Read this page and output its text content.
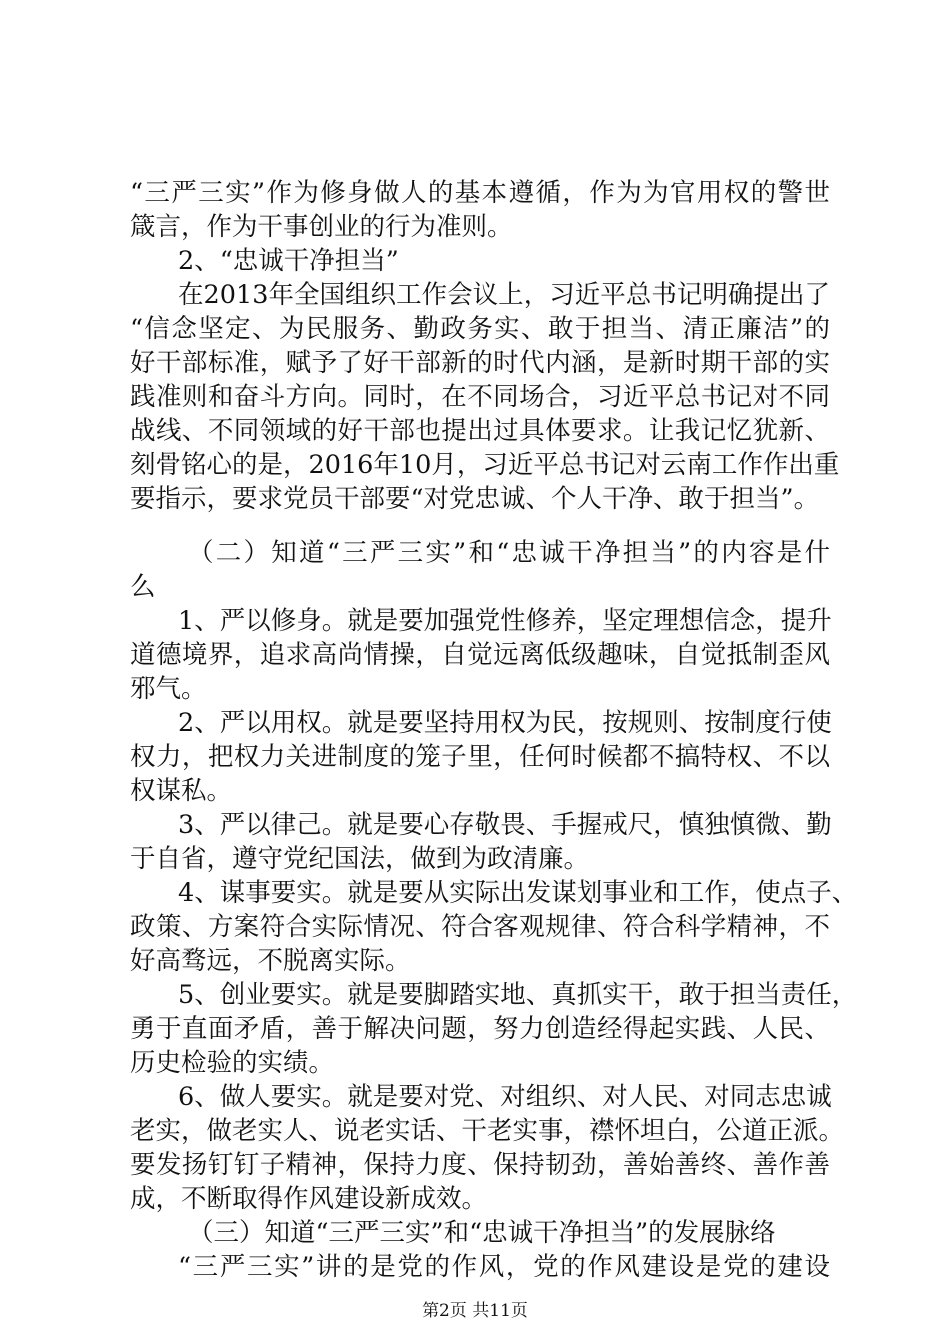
“三严三实”作为修身做人的基本遵循，作为为官用权的警世
箴言，作为干事创业的行为准则。
2、“忠诚干净担当”
在2013年全国组织工作会议上，习近平总书记明确提出了
“信念坚定、为民服务、勤政务实、敢于担当、清正廉洁”的
好干部标准，赋予了好干部新的时代内涵，是新时期干部的实
践准则和奋斗方向。同时，在不同场合，习近平总书记对不同
战线、不同领域的好干部也提出过具体要求。让我记忆犹新、
刻骨铭心的是，2016年10月，习近平总书记对云南工作作出重
要指示，要求党员干部要“对党忠诚、个人干净、敢于担当”。
（二）知道“三严三实”和“忠诚干净担当”的内容是什
么
1、严以修身。就是要加强党性修养，坚定理想信念，提升
道德境界，追求高尚情操，自觉远离低级趣味，自觉抵制歪风
邪气。
2、严以用权。就是要坚持用权为民，按规则、按制度行使
权力，把权力关进制度的笼子里，任何时候都不搞特权、不以
权谋私。
3、严以律己。就是要心存敬畏、手握戒尺，慎独慎微、勤
于自省，遵守党纪国法，做到为政清廉。
4、谋事要实。就是要从实际出发谋划事业和工作，使点子、
政策、方案符合实际情况、符合客观规律、符合科学精神，不
好高骛远，不脱离实际。
5、创业要实。就是要脚踏实地、真抓实干，敢于担当责任，
勇于直面矛盾，善于解决问题，努力创造经得起实践、人民、
历史检验的实绩。
6、做人要实。就是要对党、对组织、对人民、对同志忠诚
老实，做老实人、说老实话、干老实事，襟怀坦白，公道正派。
要发扬钉钉子精神，保持力度、保持韧劲，善始善终、善作善
成，不断取得作风建设新成效。
（三）知道“三严三实”和“忠诚干净担当”的发展脉络
“三严三实”讲的是党的作风，党的作风建设是党的建设
第2页 共11页
